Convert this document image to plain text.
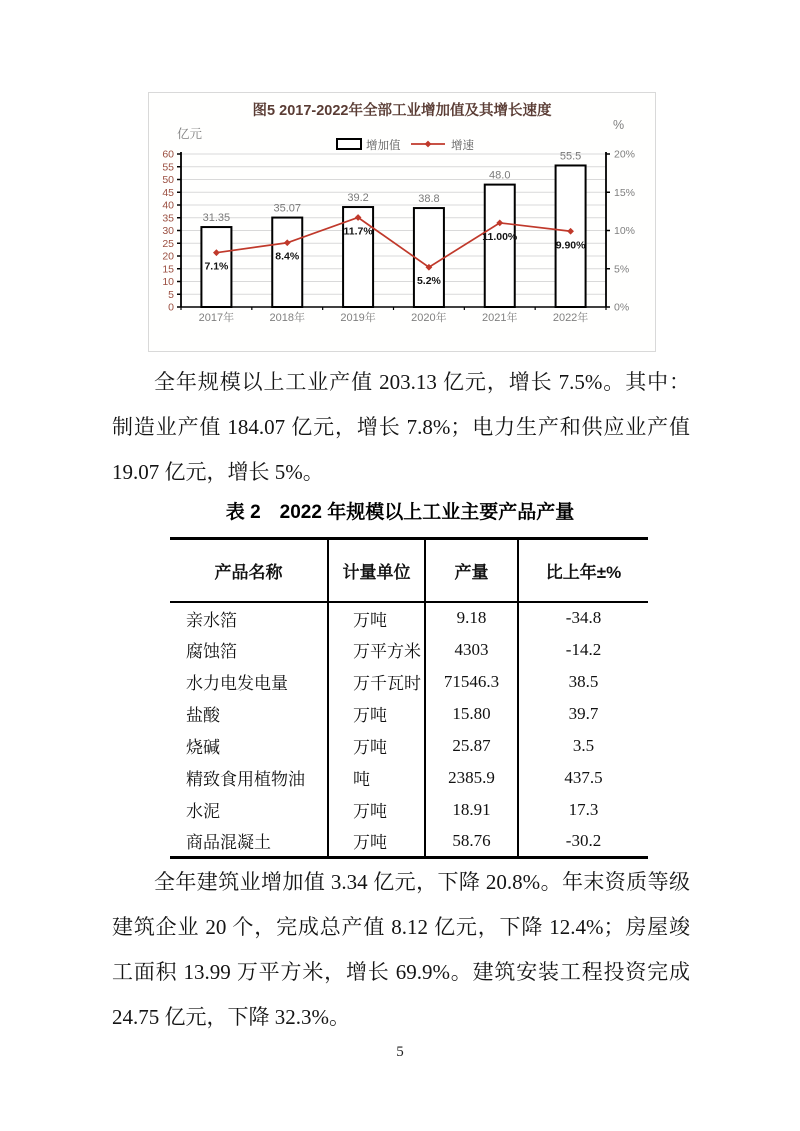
31.35
35.07
39.2	38.8
48.0
55.5
0
5
10
15
20
25
30
35
40
45
50
55
60
0%
5%
10%
15%
20%
2017年	2018年	2019年	2020年	2021年	2022年
7.1%
8.4%
11.7%
5.2%
11.00%
9.90%
图5 2017-2022年全部工业增加值及其增长速度
亿元
%
增加值	增速

全年规模以上工业产值 203.13 亿元，增长 7.5%。其中：制造业产值 184.07 亿元，增长 7.8%；电力生产和供应业产值 19.07 亿元，增长 5%。

表 2　2022 年规模以上工业主要产品产量

产品名称	计量单位	产量	比上年±%
亲水箔	万吨	9.18	-34.8
腐蚀箔	万平方米	4303	-14.2
水力电发电量	万千瓦时	71546.3	38.5
盐酸	万吨	15.80	39.7
烧碱	万吨	25.87	3.5
精致食用植物油	吨	2385.9	437.5
水泥	万吨	18.91	17.3
商品混凝土	万吨	58.76	-30.2

全年建筑业增加值 3.34 亿元，下降 20.8%。年末资质等级建筑企业 20 个，完成总产值 8.12 亿元，下降 12.4%；房屋竣工面积 13.99 万平方米，增长 69.9%。建筑安装工程投资完成 24.75 亿元，下降 32.3%。

5
